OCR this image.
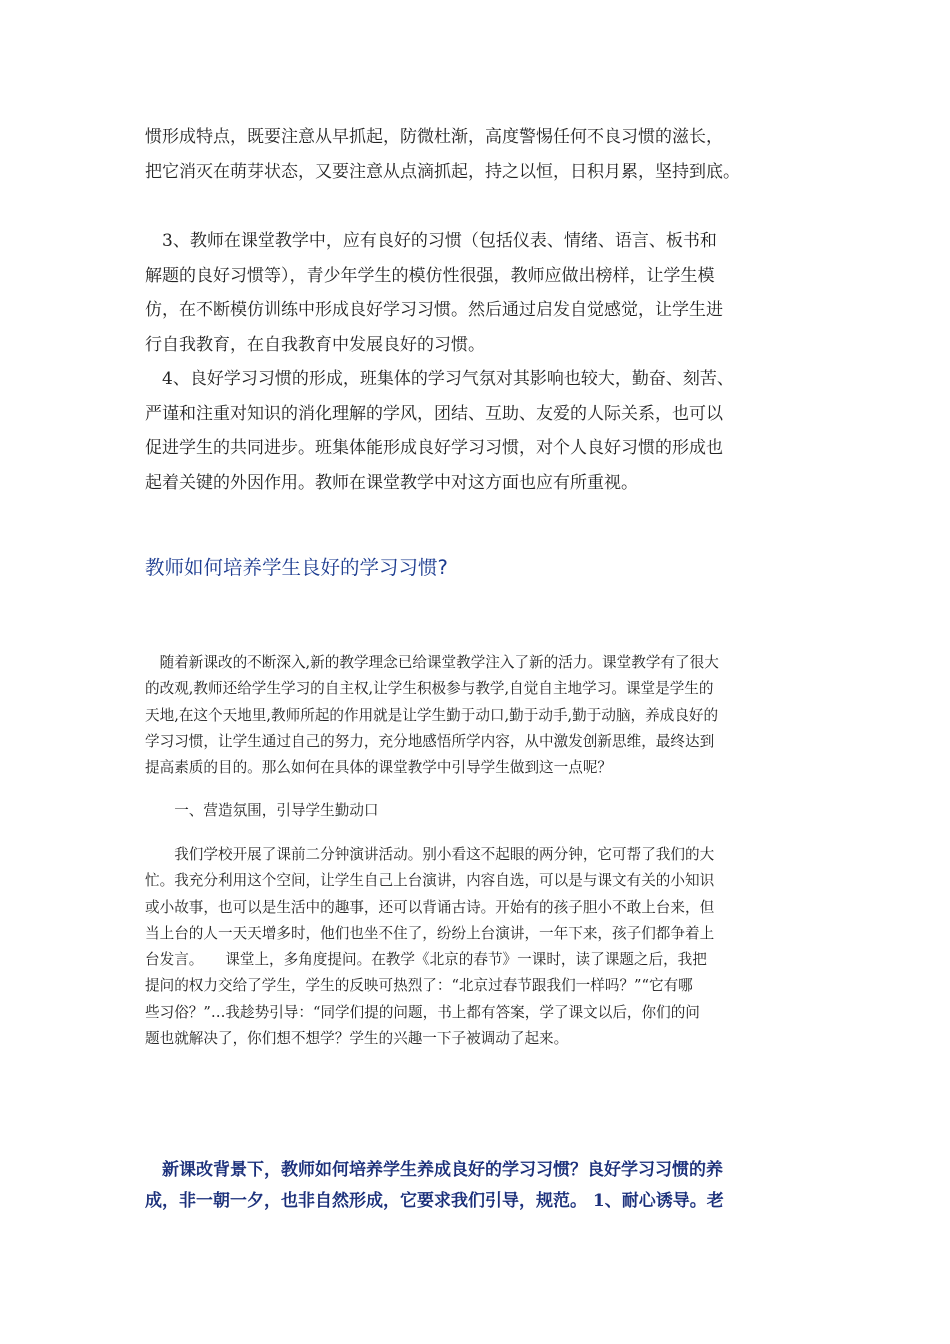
惯形成特点，既要注意从早抓起，防微杜渐，高度警惕任何不良习惯的滋长，
把它消灭在萌芽状态，又要注意从点滴抓起，持之以恒，日积月累，坚持到底。
　3、教师在课堂教学中，应有良好的习惯（包括仪表、情绪、语言、板书和
解题的良好习惯等），青少年学生的模仿性很强，教师应做出榜样，让学生模
仿，在不断模仿训练中形成良好学习习惯。然后通过启发自觉感觉，让学生进
行自我教育，在自我教育中发展良好的习惯。
　4、良好学习习惯的形成，班集体的学习气氛对其影响也较大，勤奋、刻苦、
严谨和注重对知识的消化理解的学风，团结、互助、友爱的人际关系，也可以
促进学生的共同进步。班集体能形成良好学习习惯，对个人良好习惯的形成也
起着关键的外因作用。教师在课堂教学中对这方面也应有所重视。
教师如何培养学生良好的学习习惯?
　随着新课改的不断深入,新的教学理念已给课堂教学注入了新的活力。课堂教学有了很大
的改观,教师还给学生学习的自主权,让学生积极参与教学,自觉自主地学习。课堂是学生的
天地,在这个天地里,教师所起的作用就是让学生勤于动口,勤于动手,勤于动脑，养成良好的
学习习惯，让学生通过自己的努力，充分地感悟所学内容，从中激发创新思维，最终达到
提高素质的目的。那么如何在具体的课堂教学中引导学生做到这一点呢？
　　一、营造氛围，引导学生勤动口
　　我们学校开展了课前二分钟演讲活动。别小看这不起眼的两分钟，它可帮了我们的大
忙。我充分利用这个空间，让学生自己上台演讲，内容自选，可以是与课文有关的小知识
或小故事，也可以是生活中的趣事，还可以背诵古诗。开始有的孩子胆小不敢上台来，但
当上台的人一天天增多时，他们也坐不住了，纷纷上台演讲，一年下来，孩子们都争着上
台发言。　　课堂上，多角度提问。在教学《北京的春节》一课时，读了课题之后，我把
提问的权力交给了学生，学生的反映可热烈了：“北京过春节跟我们一样吗？”“它有哪
些习俗？”…我趁势引导：“同学们提的问题，书上都有答案，学了课文以后，你们的问
题也就解决了，你们想不想学？学生的兴趣一下子被调动了起来。
　新课改背景下，教师如何培养学生养成良好的学习习惯？良好学习习惯的养
成，非一朝一夕，也非自然形成，它要求我们引导，规范。 1、耐心诱导。老
